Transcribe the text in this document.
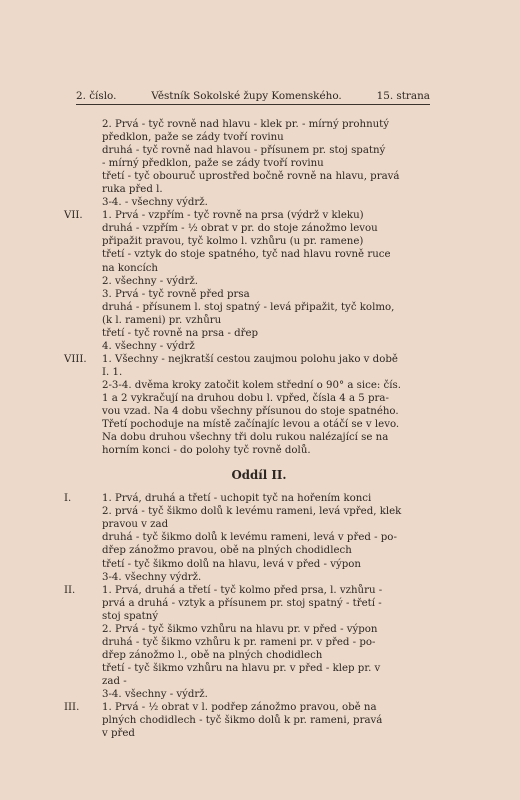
2. číslo.	Věstník Sokolské župy Komenského.	15. strana
2. Prvá - tyč rovně nad hlavu - klek pr. - mírný prohnutý
předklon, paže se zády tvoří rovinu
druhá - tyč rovně nad hlavou - přísunem pr. stoj spatný
- mírný předklon, paže se zády tvoří rovinu
třetí - tyč obouruč uprostřed bočně rovně na hlavu, pravá
ruka před l.
3-4. - všechny výdrž.
VII.	1. Prvá - vzpřím - tyč rovně na prsa (výdrž v kleku)
druhá - vzpřím - ½ obrat v pr. do stoje zánožmo levou
připažit pravou, tyč kolmo l. vzhůru (u pr. ramene)
třetí - vztyk do stoje spatného, tyč nad hlavu rovně ruce
na koncích
2. všechny - výdrž.
3. Prvá - tyč rovně před prsa
druhá - přísunem l. stoj spatný - levá připažit, tyč kolmo,
(k l. rameni) pr. vzhůru
třetí - tyč rovně na prsa - dřep
4. všechny - výdrž
VIII.	1. Všechny - nejkratší cestou zaujmou polohu jako v době
I. 1.
2-3-4. dvěma kroky zatočit kolem střední o 90° a sice: čís.
1 a 2 vykračují na druhou dobu l. vpřed, čísla 4 a 5 pra-
vou vzad. Na 4 dobu všechny přísunou do stoje spatného.
Třetí pochoduje na místě začínajíc levou a otáčí se v levo.
Na dobu druhou všechny tři dolu rukou nalézající se na
horním konci - do polohy tyč rovně dolů.
Oddíl II.
I.	1. Prvá, druhá a třetí - uchopit tyč na hořením konci
2. prvá - tyč šikmo dolů k levému rameni, levá vpřed, klek
pravou v zad
druhá - tyč šikmo dolů k levému rameni, levá v před - po-
dřep zánožmo pravou, obě na plných chodidlech
třetí - tyč šikmo dolů na hlavu, levá v před - výpon
3-4. všechny výdrž.
II.	1. Prvá, druhá a třetí - tyč kolmo před prsa, l. vzhůru -
prvá a druhá - vztyk a přísunem pr. stoj spatný - třetí -
stoj spatný
2. Prvá - tyč šikmo vzhůru na hlavu pr. v před - výpon
druhá - tyč šikmo vzhůru k pr. rameni pr. v před - po-
dřep zánožmo l., obě na plných chodidlech
třetí - tyč šikmo vzhůru na hlavu pr. v před - klep pr. v
zad -
3-4. všechny - výdrž.
III.	1. Prvá - ½ obrat v l. podřep zánožmo pravou, obě na
plných chodidlech - tyč šikmo dolů k pr. rameni, pravá
v před
